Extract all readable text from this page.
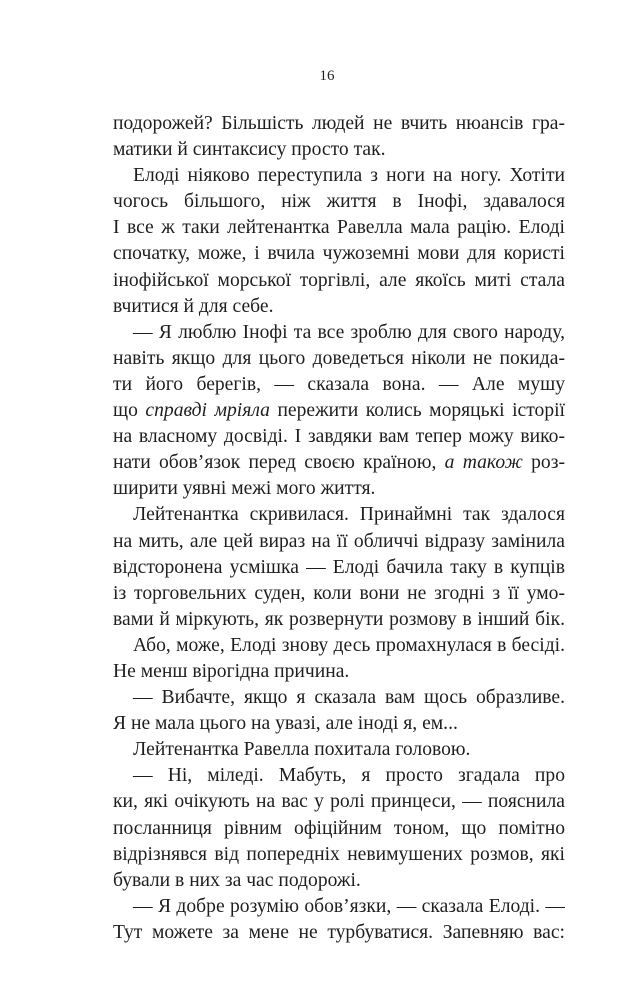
16
подорожей? Більшість людей не вчить нюансів гра-
матики й синтаксису просто так.
Елоді ніяково переступила з ноги на ногу. Хотіти
чогось більшого, ніж життя в Інофі, здавалося
І все ж таки лейтенантка Равелла мала рацію. Елоді
спочатку, може, і вчила чужоземні мови для користі
інофійської морської торгівлі, але якоїсь миті стала
вчитися й для себе.
— Я люблю Інофі та все зроблю для свого народу,
навіть якщо для цього доведеться ніколи не покида-
ти його берегів, — сказала вона. — Але мушу
що справді мріяла пережити колись моряцькі історії
на власному досвіді. І завдяки вам тепер можу вико-
нати обов’язок перед своєю країною, а також роз-
ширити уявні межі мого життя.
Лейтенантка скривилася. Принаймні так здалося
на мить, але цей вираз на її обличчі відразу замінила
відсторонена усмішка — Елоді бачила таку в купців
із торговельних суден, коли вони не згодні з її умо-
вами й міркують, як розвернути розмову в інший бік.
Або, може, Елоді знову десь промахнулася в бесіді.
Не менш вірогідна причина.
— Вибачте, якщо я сказала вам щось образливе.
Я не мала цього на увазі, але іноді я, ем...
Лейтенантка Равелла похитала головою.
— Ні, міледі. Мабуть, я просто згадала про
ки, які очікують на вас у ролі принцеси, — пояснила
посланниця рівним офіційним тоном, що помітно
відрізнявся від попередніх невимушених розмов, які
бували в них за час подорожі.
— Я добре розумію обов’язки, — сказала Елоді. —
Тут можете за мене не турбуватися. Запевняю вас:
